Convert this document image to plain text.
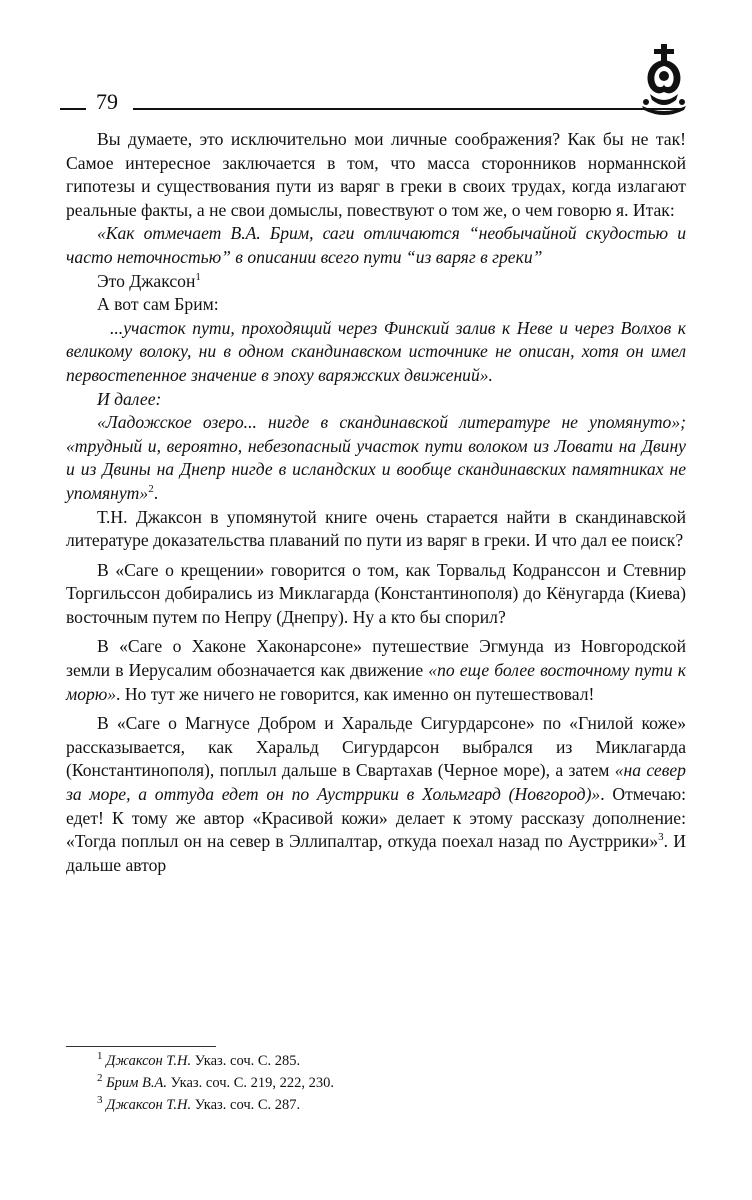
79

Вы думаете, это исключительно мои личные соображения? Как бы не так! Самое интересное заключается в том, что масса сторонников норманнской гипотезы и существования пути из варяг в греки в своих трудах, когда излагают реальные факты, а не свои домыслы, повествуют о том же, о чем говорю я. Итак:

«Как отмечает В.А. Брим, саги отличаются “необычайной скудостью и часто неточностью” в описании всего пути “из варяг в греки”

Это Джаксон$^1$

А вот сам Брим:

...участок пути, проходящий через Финский залив к Неве и через Волхов к великому волоку, ни в одном скандинавском источнике не описан, хотя он имел первостепенное значение в эпоху варяжских движений».

И далее:

«Ладожское озеро... нигде в скандинавской литературе не упомянуто»; «трудный и, вероятно, небезопасный участок пути волоком из Ловати на Двину и из Двины на Днепр нигде в исландских и вообще скандинавских памятниках не упомянут»$^2$.

Т.Н. Джаксон в упомянутой книге очень старается найти в скандинавской литературе доказательства плаваний по пути из варяг в греки. И что дал ее поиск?

В «Саге о крещении» говорится о том, как Торвальд Кодранссон и Стевнир Торгильссон добирались из Миклагарда (Константинополя) до Кёнугарда (Киева) восточным путем по Непру (Днепру). Ну а кто бы спорил?

В «Саге о Хаконе Хаконарсоне» путешествие Эгмунда из Новгородской земли в Иерусалим обозначается как движение «по еще более восточному пути к морю». Но тут же ничего не говорится, как именно он путешествовал!

В «Саге о Магнусе Добром и Харальде Сигурдарсоне» по «Гнилой коже» рассказывается, как Харальд Сигурдарсон выбрался из Миклагарда (Константинополя), поплыл дальше в Свартахав (Черное море), а затем «на север за море, а оттуда едет он по Аустррики в Хольмгард (Новгород)». Отмечаю: едет! К тому же автор «Красивой кожи» делает к этому рассказу дополнение: «Тогда поплыл он на север в Эллипалтар, откуда поехал назад по Аустррики»$^3$. И дальше автор

$^1$ Джаксон Т.Н. Указ. соч. С. 285.
$^2$ Брим В.А. Указ. соч. С. 219, 222, 230.
$^3$ Джаксон Т.Н. Указ. соч. С. 287.
